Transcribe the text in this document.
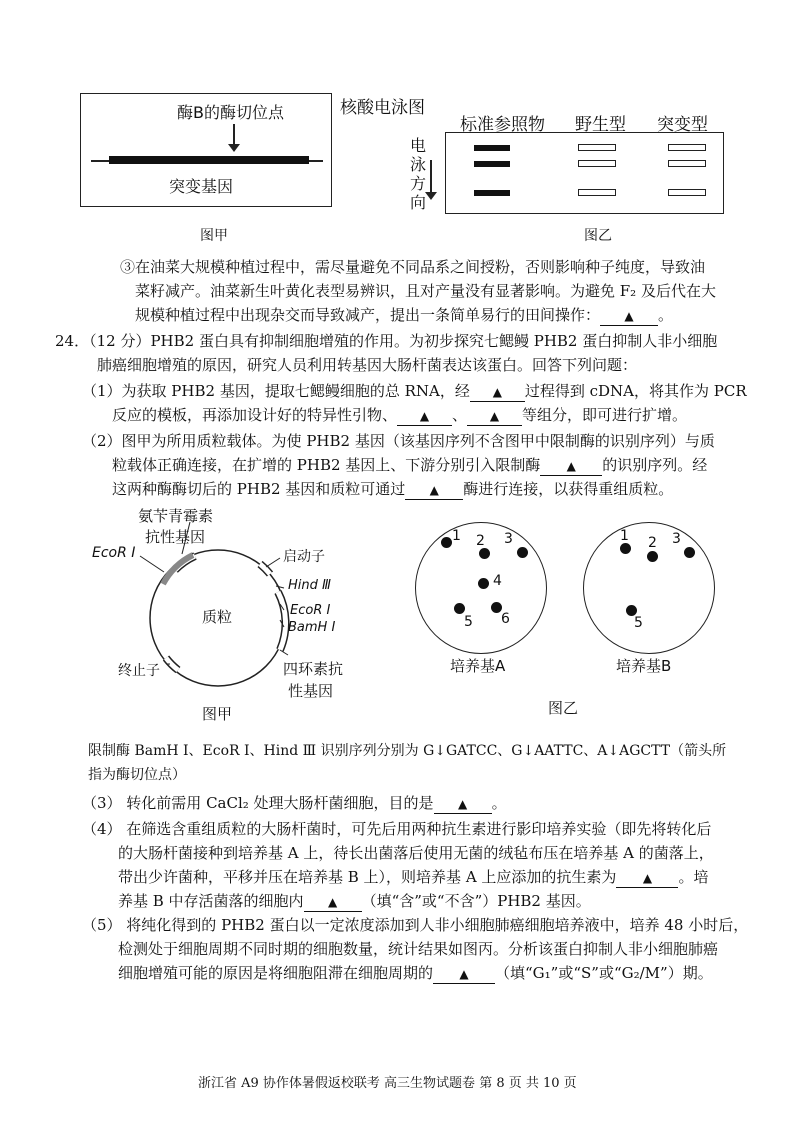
酶B的酶切位点
突变基因
图甲
核酸电泳图
标准参照物 野生型 突变型
电
泳
方
向
图乙
③在油菜大规模种植过程中，需尽量避免不同品系之间授粉，否则影响种子纯度，导致油
菜籽减产。油菜新生叶黄化表型易辨识，且对产量没有显著影响。为避免 F₂ 及后代在大
规模种植过程中出现杂交而导致减产，提出一条简单易行的田间操作： ▲ 。
24．（12 分）PHB2 蛋白具有抑制细胞增殖的作用。为初步探究七鳃鳗 PHB2 蛋白抑制人非小细胞
肺癌细胞增殖的原因，研究人员利用转基因大肠杆菌表达该蛋白。回答下列问题：
（1）为获取 PHB2 基因，提取七鳃鳗细胞的总 RNA，经 ▲ 过程得到 cDNA，将其作为 PCR
反应的模板，再添加设计好的特异性引物、 ▲ 、 ▲ 等组分，即可进行扩增。
（2）图甲为所用质粒载体。为使 PHB2 基因（该基因序列不含图甲中限制酶的识别序列）与质
粒载体正确连接，在扩增的 PHB2 基因上、下游分别引入限制酶 ▲ 的识别序列。经
这两种酶酶切后的 PHB2 基因和质粒可通过 ▲ 酶进行连接，以获得重组质粒。
氨苄青霉素
抗性基因
EcoR Ⅰ	启动子
Hind Ⅲ
质粒	EcoR Ⅰ
BamH Ⅰ
终止子	四环素抗
性基因
图甲
1 2 3
4
5 6
1 2 3
5
培养基A	培养基B
图乙
限制酶 BamH Ⅰ、EcoR Ⅰ、Hind Ⅲ 识别序列分别为 G↓GATCC、G↓AATTC、A↓AGCTT（箭头所
指为酶切位点）
（3） 转化前需用 CaCl₂ 处理大肠杆菌细胞，目的是 ▲ 。
（4） 在筛选含重组质粒的大肠杆菌时，可先后用两种抗生素进行影印培养实验（即先将转化后
的大肠杆菌接种到培养基 A 上，待长出菌落后使用无菌的绒毡布压在培养基 A 的菌落上，
带出少许菌种，平移并压在培养基 B 上），则培养基 A 上应添加的抗生素为 ▲ 。培
养基 B 中存活菌落的细胞内 ▲ （填“含”或“不含”）PHB2 基因。
（5） 将纯化得到的 PHB2 蛋白以一定浓度添加到人非小细胞肺癌细胞培养液中，培养 48 小时后，
检测处于细胞周期不同时期的细胞数量，统计结果如图丙。分析该蛋白抑制人非小细胞肺癌
细胞增殖可能的原因是将细胞阻滞在细胞周期的 ▲ （填“G₁”或“S”或“G₂/M”）期。
浙江省 A9 协作体暑假返校联考 高三生物试题卷 第 8 页 共 10 页
